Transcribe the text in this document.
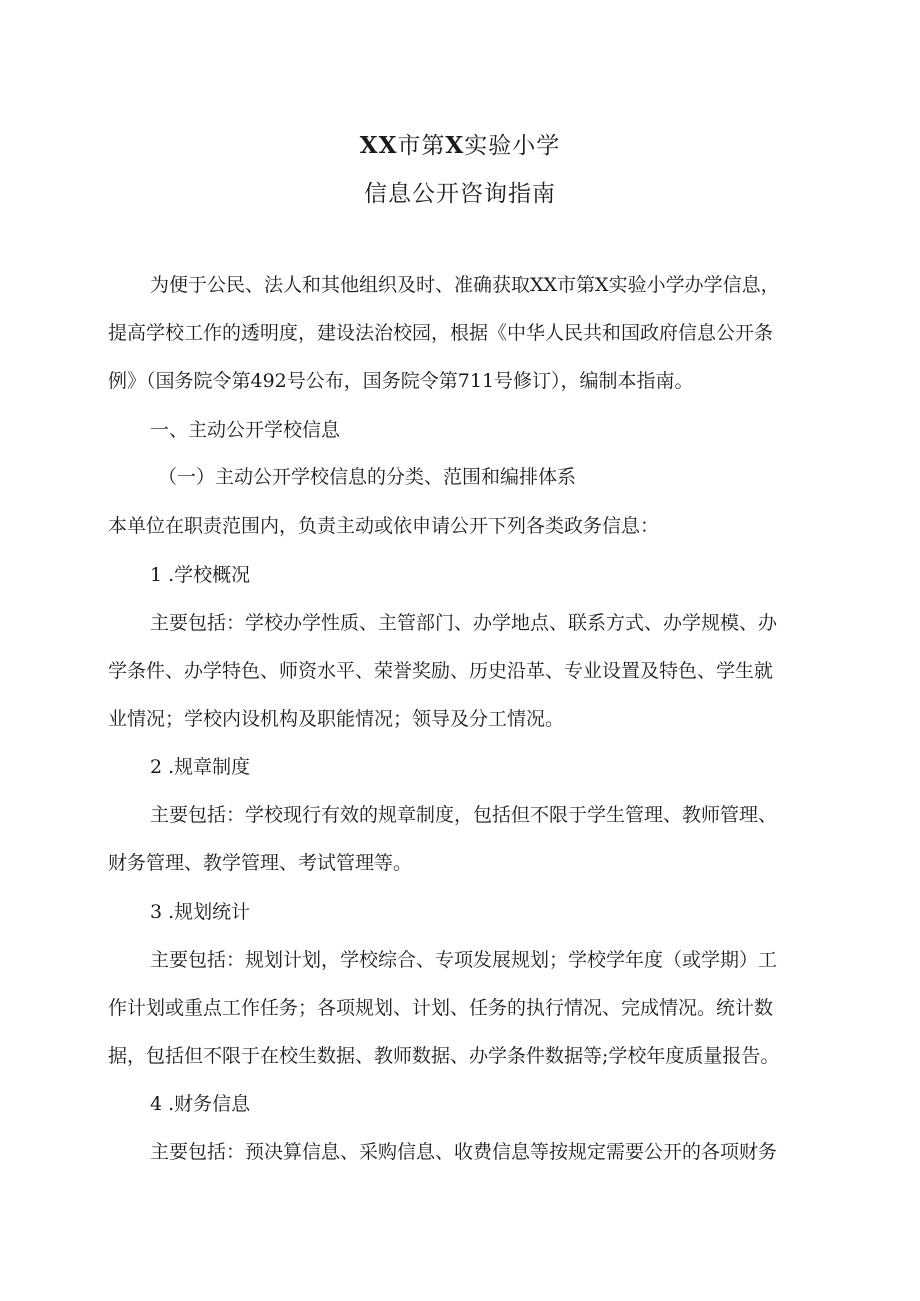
XX市第X实验小学
信息公开咨询指南
为便于公民、法人和其他组织及时、准确获取XX市第X实验小学办学信息，
提高学校工作的透明度，建设法治校园，根据《中华人民共和国政府信息公开条
例》（国务院令第492号公布，国务院令第711号修订），编制本指南。
一、主动公开学校信息
（一）主动公开学校信息的分类、范围和编排体系
本单位在职责范围内，负责主动或依申请公开下列各类政务信息：
1 .学校概况
主要包括：学校办学性质、主管部门、办学地点、联系方式、办学规模、办
学条件、办学特色、师资水平、荣誉奖励、历史沿革、专业设置及特色、学生就
业情况；学校内设机构及职能情况；领导及分工情况。
2 .规章制度
主要包括：学校现行有效的规章制度，包括但不限于学生管理、教师管理、
财务管理、教学管理、考试管理等。
3 .规划统计
主要包括：规划计划，学校综合、专项发展规划；学校学年度（或学期）工
作计划或重点工作任务；各项规划、计划、任务的执行情况、完成情况。统计数
据，包括但不限于在校生数据、教师数据、办学条件数据等;学校年度质量报告。
4 .财务信息
主要包括：预决算信息、采购信息、收费信息等按规定需要公开的各项财务
